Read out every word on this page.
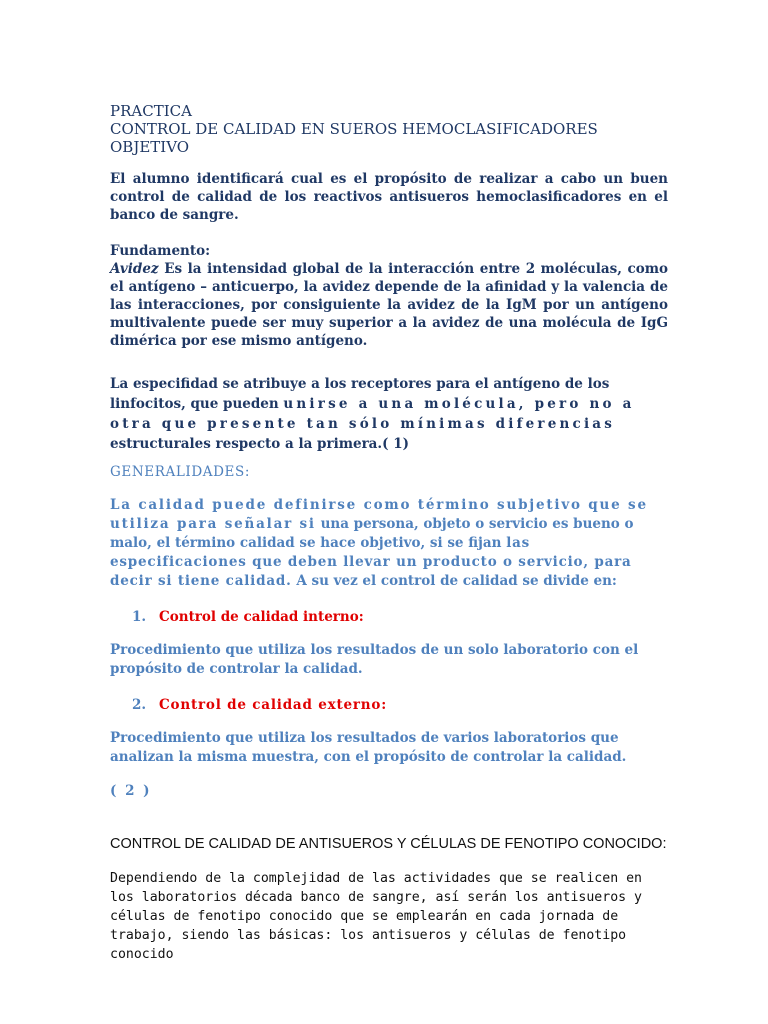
PRACTICA
CONTROL DE CALIDAD EN SUEROS HEMOCLASIFICADORES
OBJETIVO
El alumno identificará cual es el propósito de realizar a cabo un buen control de calidad de los reactivos antisueros hemoclasificadores en el banco de sangre.
Fundamento:
Avidez Es la intensidad global de la interacción entre 2 moléculas, como el antígeno – anticuerpo, la avidez depende de la afinidad y la valencia de las interacciones, por consiguiente la avidez de la IgM por un antígeno multivalente puede ser muy superior a la avidez de una molécula de IgG dimérica por ese mismo antígeno.
La especifidad se atribuye a los receptores para el antígeno de los linfocitos, que pueden unirse a una molécula, pero no a otra que presente tan sólo mínimas diferencias estructurales respecto a la primera.( 1)
GENERALIDADES:
La calidad puede definirse como término subjetivo que se utiliza para señalar si una persona, objeto o servicio es bueno o malo, el término calidad se hace objetivo, si se fijan las especificaciones que deben llevar un producto o servicio, para decir si tiene calidad. A su vez el control de calidad se divide en:
1. Control de calidad interno:
Procedimiento que utiliza los resultados de un solo laboratorio con el propósito de controlar la calidad.
2. Control de calidad externo:
Procedimiento que utiliza los resultados de varios laboratorios que analizan la misma muestra, con el propósito de controlar la calidad.
( 2 )
CONTROL DE CALIDAD DE ANTISUEROS Y CÉLULAS DE FENOTIPO CONOCIDO:
Dependiendo de la complejidad de las actividades que se realicen en los laboratorios década banco de sangre, así serán los antisueros y células de fenotipo conocido que se emplearán en cada jornada de trabajo, siendo las básicas: los antisueros y células de fenotipo conocido
